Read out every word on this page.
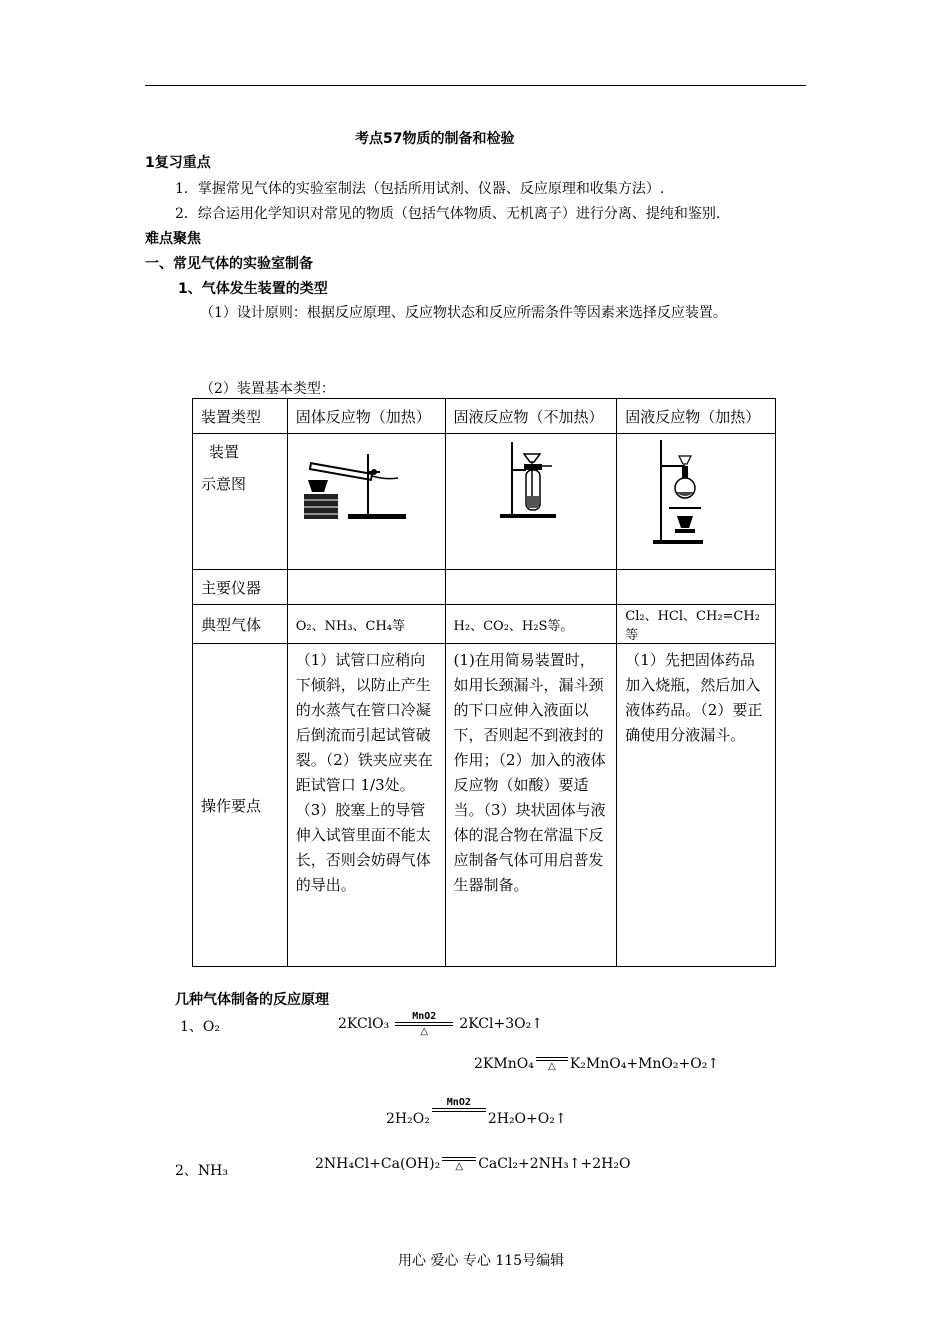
考点57物质的制备和检验
1复习重点
1．掌握常见气体的实验室制法（包括所用试剂、仪器、反应原理和收集方法）.
2．综合运用化学知识对常见的物质（包括气体物质、无机离子）进行分离、提纯和鉴别.
难点聚焦
一、常见气体的实验室制备
1、气体发生装置的类型
（1）设计原则：根据反应原理、反应物状态和反应所需条件等因素来选择反应装置。
（2）装置基本类型：
装置类型	固体反应物（加热）	固液反应物（不加热）	固液反应物（加热）

装置
示意图

主要仪器			
典型气体	O₂、NH₃、CH₄等	H₂、CO₂、H₂S等。	Cl₂、HCl、CH₂=CH₂等
操作要点	（1）试管口应稍向下倾斜，以防止产生的水蒸气在管口冷凝后倒流而引起试管破裂。（2）铁夹应夹在距试管口 1/3处。（3）胶塞上的导管伸入试管里面不能太长，否则会妨碍气体的导出。	(1)在用简易装置时，如用长颈漏斗，漏斗颈的下口应伸入液面以下，否则起不到液封的作用；（2）加入的液体反应物（如酸）要适当。（3）块状固体与液体的混合物在常温下反应制备气体可用启普发生器制备。	（1）先把固体药品加入烧瓶，然后加入液体药品。（2）要正确使用分液漏斗。
几种气体制备的反应原理
1、O₂	2KClO₃	MnO2
△	2KCl+3O₂↑
2KMnO₄	△	K₂MnO₄+MnO₂+O₂↑
2H₂O₂
MnO2

2H₂O+O₂↑
2、NH₃	2NH₄Cl+Ca(OH)₂	△	CaCl₂+2NH₃↑+2H₂O
用心 爱心 专心 115号编辑
